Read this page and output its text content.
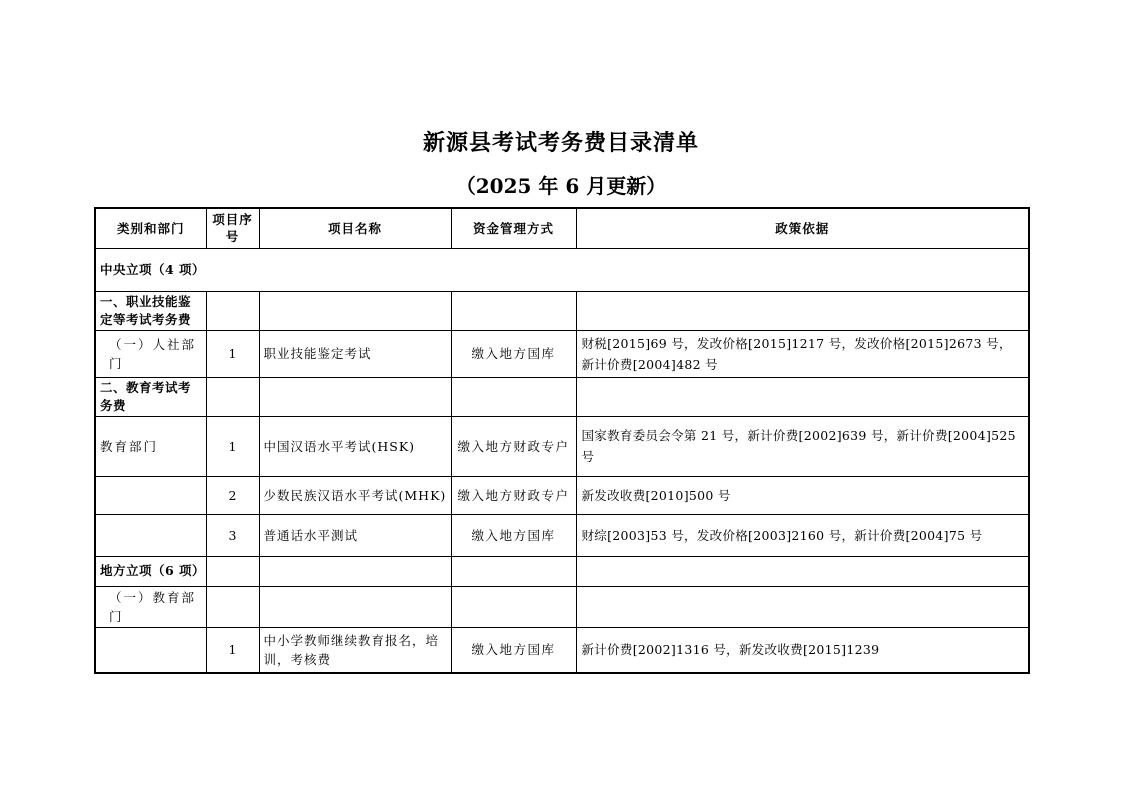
新源县考试考务费目录清单
（2025 年 6 月更新）
类别和部门	项目序号	项目名称	资金管理方式	政策依据
中央立项（4 项）				
一、职业技能鉴定等考试考务费				
（一）人社部门	1	职业技能鉴定考试	缴入地方国库	财税[2015]69 号，发改价格[2015]1217 号，发改价格[2015]2673 号，新计价费[2004]482 号
二、教育考试考务费				
教育部门	1	中国汉语水平考试(HSK)	缴入地方财政专户	国家教育委员会令第 21 号，新计价费[2002]639 号，新计价费[2004]525 号
	2	少数民族汉语水平考试(MHK)	缴入地方财政专户	新发改收费[2010]500 号
	3	普通话水平测试	缴入地方国库	财综[2003]53 号，发改价格[2003]2160 号，新计价费[2004]75 号
地方立项（6 项）				
（一）教育部门				
	1	中小学教师继续教育报名，培训，考核费	缴入地方国库	新计价费[2002]1316 号，新发改收费[2015]1239
